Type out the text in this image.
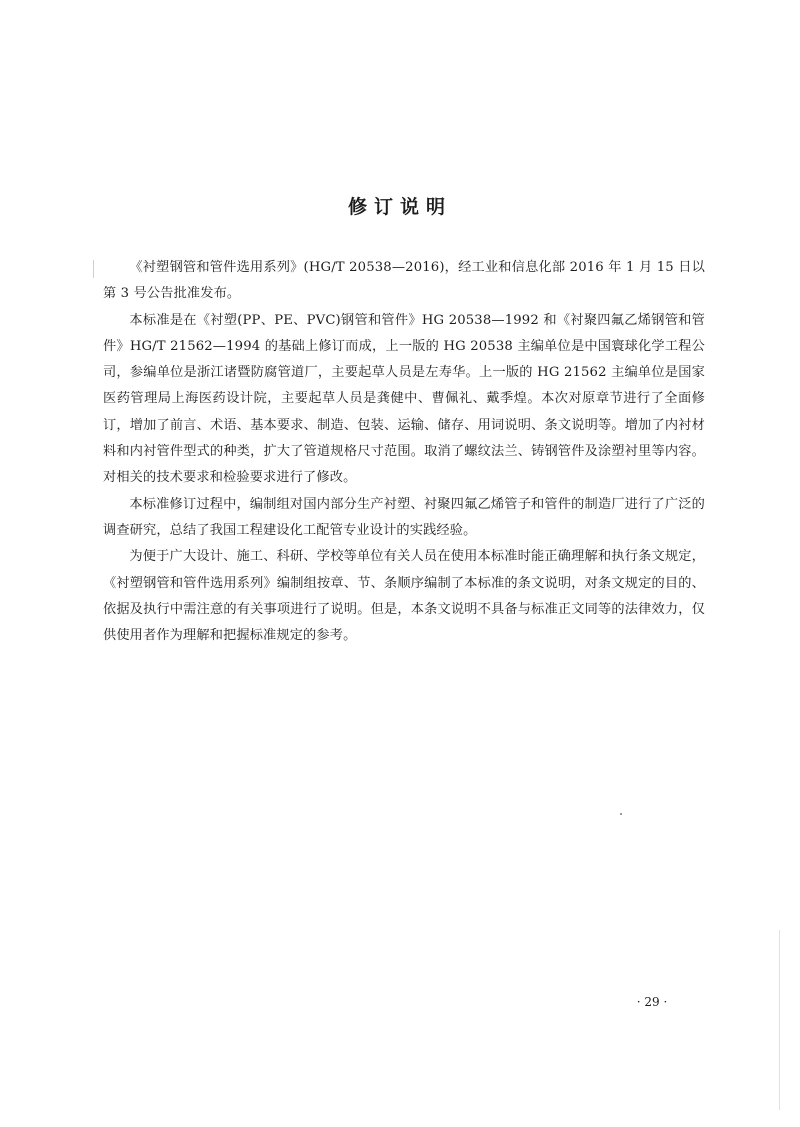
修订说明

《衬塑钢管和管件选用系列》(HG/T 20538—2016)，经工业和信息化部 2016 年 1 月 15 日以第 3 号公告批准发布。

本标准是在《衬塑(PP、PE、PVC)钢管和管件》HG 20538—1992 和《衬聚四氟乙烯钢管和管件》HG/T 21562—1994 的基础上修订而成，上一版的 HG 20538 主编单位是中国寰球化学工程公司，参编单位是浙江诸暨防腐管道厂，主要起草人员是左寿华。上一版的 HG 21562 主编单位是国家医药管理局上海医药设计院，主要起草人员是龚健中、曹佩礼、戴季煌。本次对原章节进行了全面修订，增加了前言、术语、基本要求、制造、包装、运输、储存、用词说明、条文说明等。增加了内衬材料和内衬管件型式的种类，扩大了管道规格尺寸范围。取消了螺纹法兰、铸钢管件及涂塑衬里等内容。对相关的技术要求和检验要求进行了修改。

本标准修订过程中，编制组对国内部分生产衬塑、衬聚四氟乙烯管子和管件的制造厂进行了广泛的调查研究，总结了我国工程建设化工配管专业设计的实践经验。

为便于广大设计、施工、科研、学校等单位有关人员在使用本标准时能正确理解和执行条文规定，《衬塑钢管和管件选用系列》编制组按章、节、条顺序编制了本标准的条文说明，对条文规定的目的、依据及执行中需注意的有关事项进行了说明。但是，本条文说明不具备与标准正文同等的法律效力，仅供使用者作为理解和把握标准规定的参考。

· 29 ·
